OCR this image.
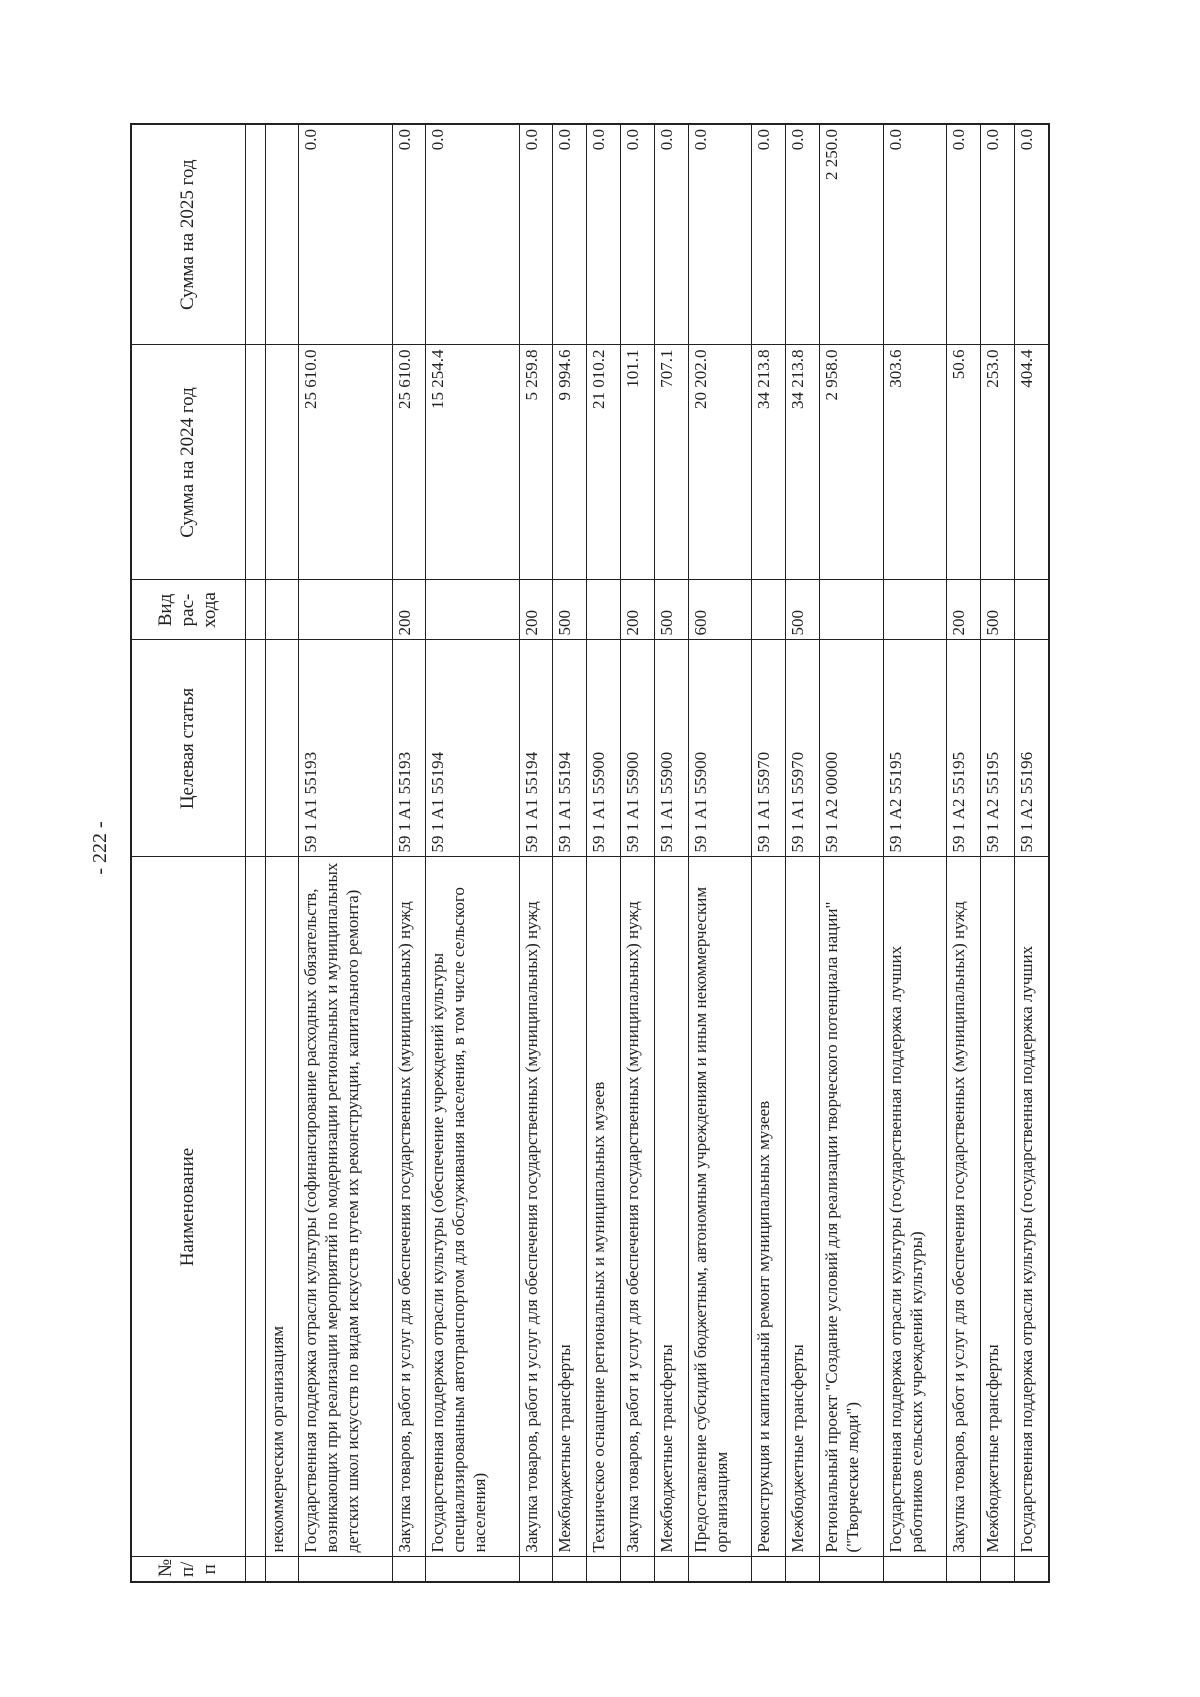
- 222 -
№ п/п	Наименование	Целевая статья	Вид рас-хода	Сумма на 2024 год	Сумма на 2025 год

	некоммерческим организациям				
	Государственная поддержка отрасли культуры (софинансирование расходных обязательств, возникающих при реализации мероприятий по модернизации региональных и муниципальных детских школ искусств по видам искусств путем их реконструкции, капитального ремонта)	59 1 A1 55193		25 610.0	0.0
	Закупка товаров, работ и услуг для обеспечения государственных (муниципальных) нужд	59 1 A1 55193	200	25 610.0	0.0
	Государственная поддержка отрасли культуры (обеспечение учреждений культуры специализированным автотранспортом для обслуживания населения, в том числе сельского населения)	59 1 A1 55194		15 254.4	0.0
	Закупка товаров, работ и услуг для обеспечения государственных (муниципальных) нужд	59 1 A1 55194	200	5 259.8	0.0
	Межбюджетные трансферты	59 1 A1 55194	500	9 994.6	0.0
	Техническое оснащение региональных и муниципальных музеев	59 1 A1 55900		21 010.2	0.0
	Закупка товаров, работ и услуг для обеспечения государственных (муниципальных) нужд	59 1 A1 55900	200	101.1	0.0
	Межбюджетные трансферты	59 1 A1 55900	500	707.1	0.0
	Предоставление субсидий бюджетным, автономным учреждениям и иным некоммерческим организациям	59 1 A1 55900	600	20 202.0	0.0
	Реконструкция и капитальный ремонт муниципальных музеев	59 1 A1 55970		34 213.8	0.0
	Межбюджетные трансферты	59 1 A1 55970	500	34 213.8	0.0
	Региональный проект "Создание условий для реализации творческого потенциала нации" ("Творческие люди")	59 1 A2 00000		2 958.0	2 250.0
	Государственная поддержка отрасли культуры (государственная поддержка лучших работников сельских учреждений культуры)	59 1 A2 55195		303.6	0.0
	Закупка товаров, работ и услуг для обеспечения государственных (муниципальных) нужд	59 1 A2 55195	200	50.6	0.0
	Межбюджетные трансферты	59 1 A2 55195	500	253.0	0.0
	Государственная поддержка отрасли культуры (государственная поддержка лучших	59 1 A2 55196		404.4	0.0
